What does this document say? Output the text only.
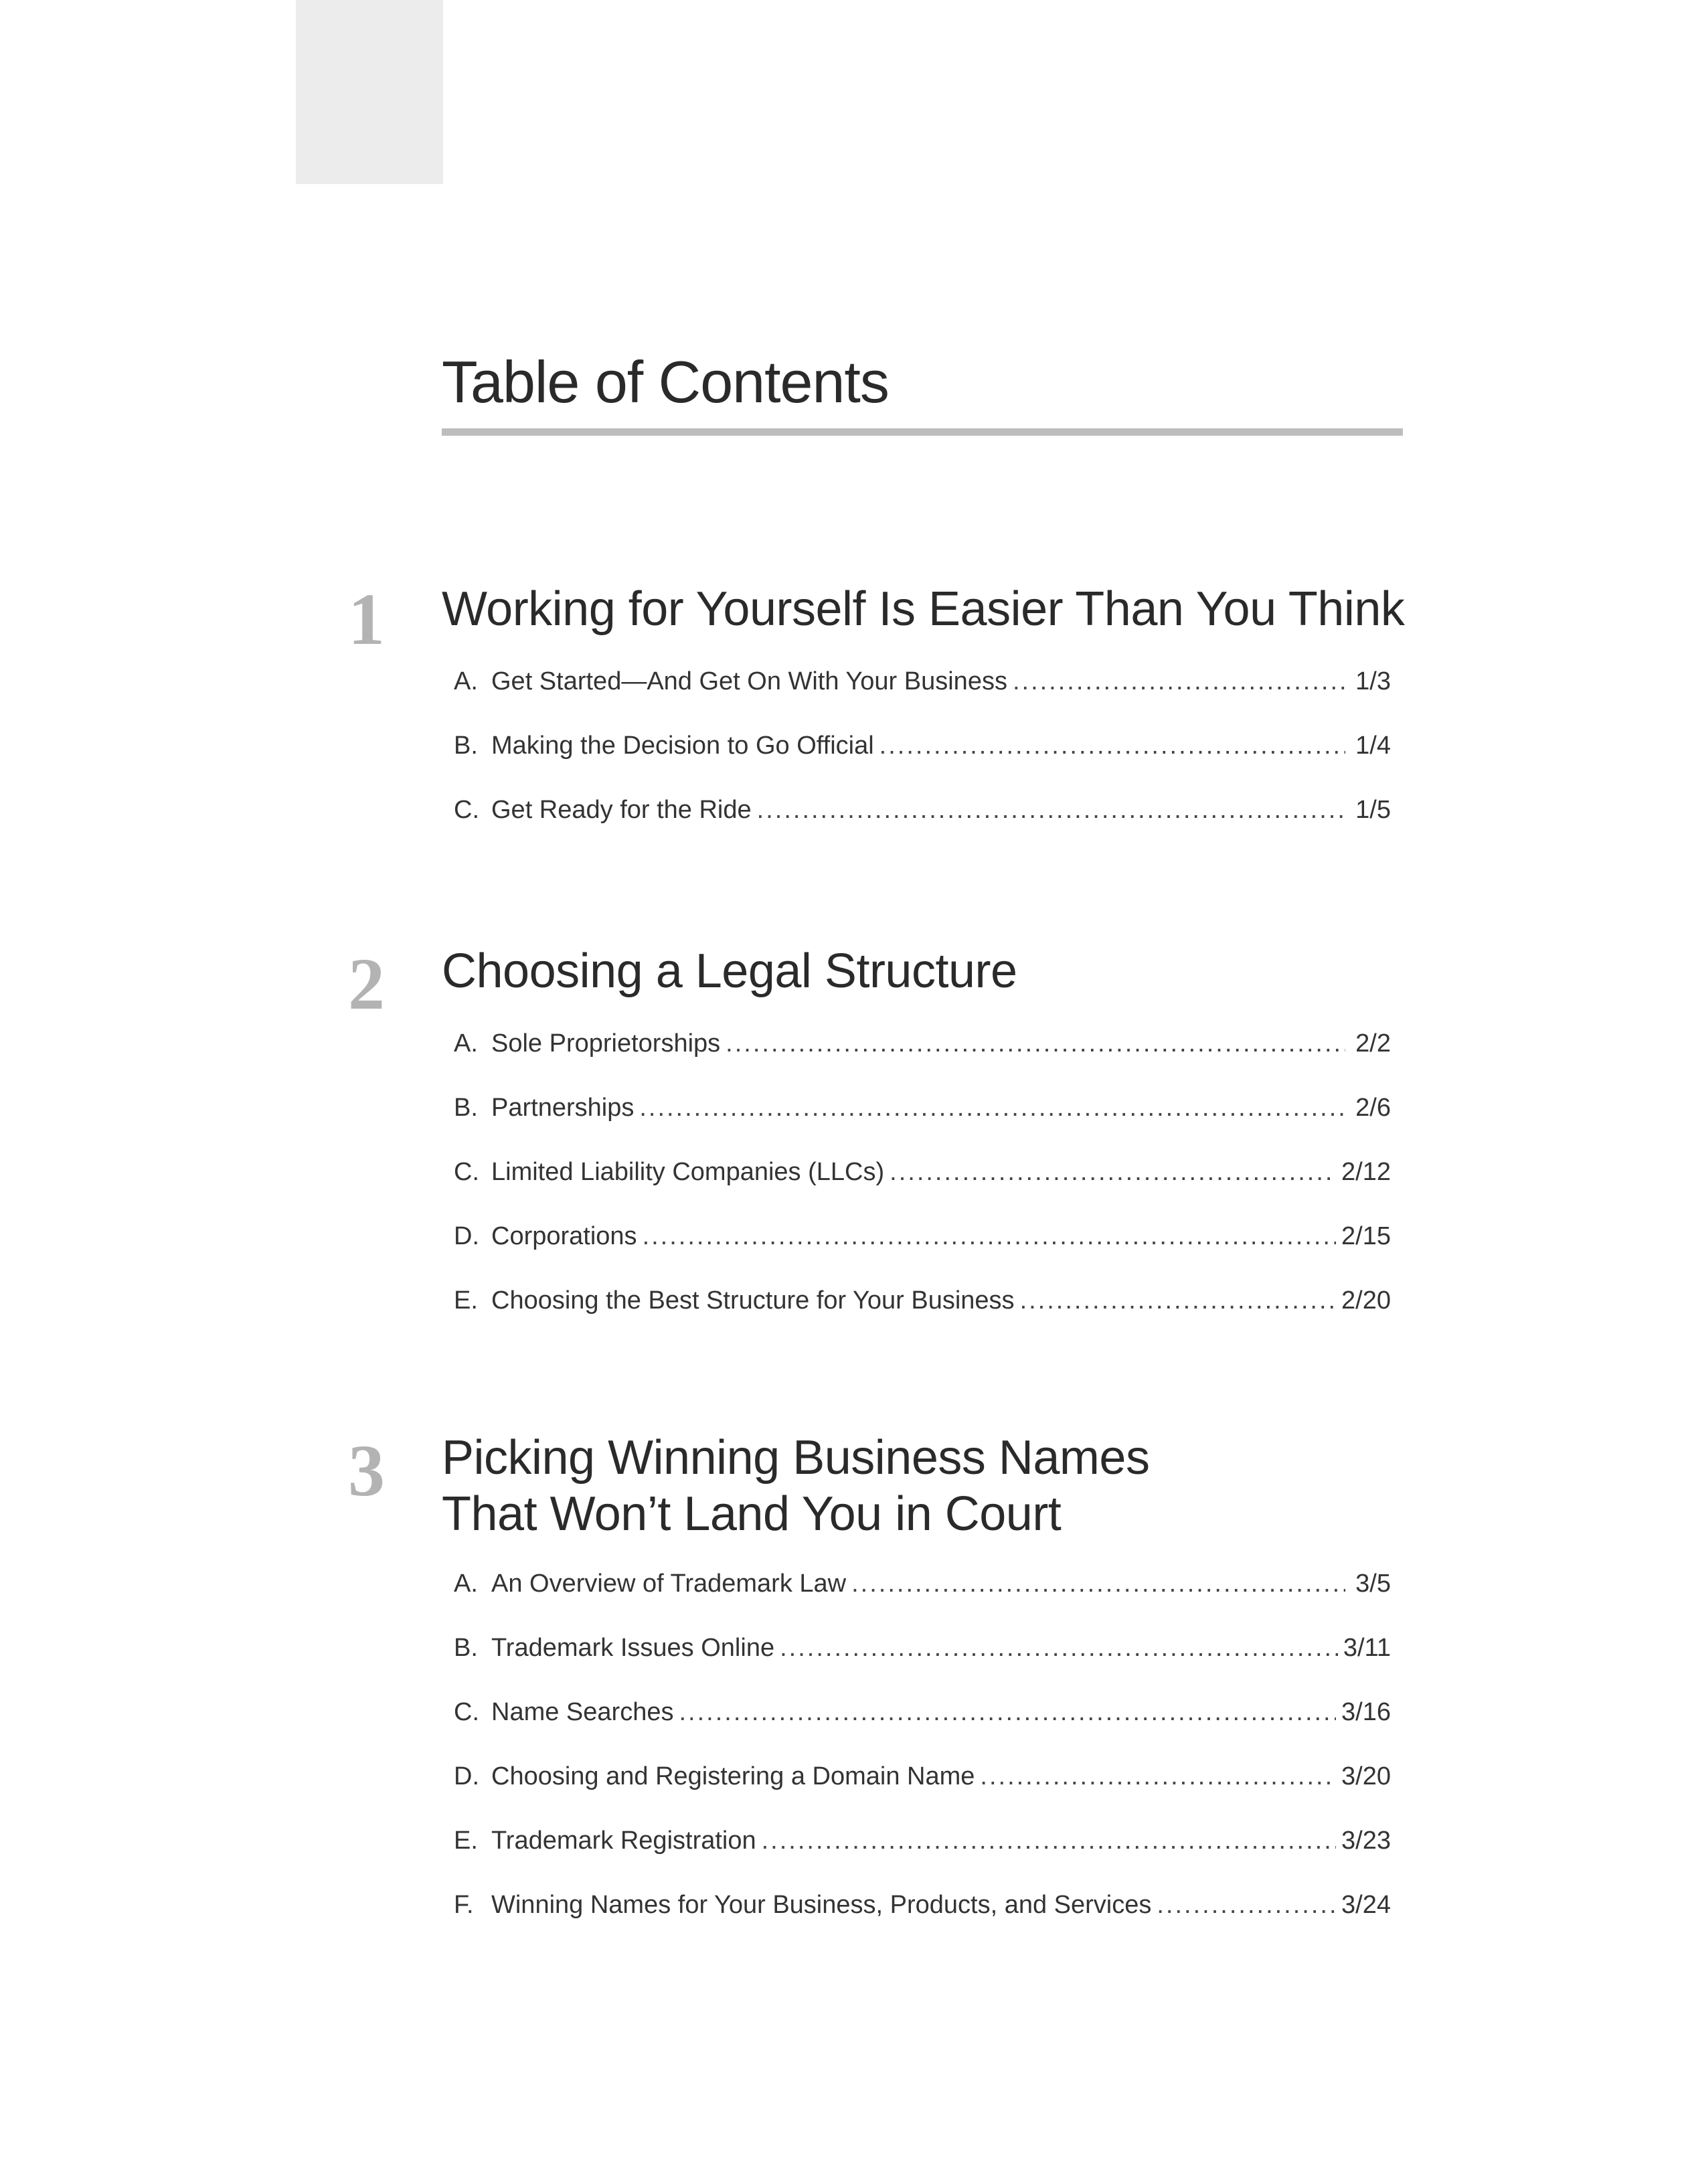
Table of Contents
1	Working for Yourself Is Easier Than You Think
A. Get Started—And Get On With Your Business .....	1/3
B. Making the Decision to Go Official .....	1/4
C. Get Ready for the Ride .....	1/5
2	Choosing a Legal Structure
A. Sole Proprietorships .....	2/2
B. Partnerships .....	2/6
C. Limited Liability Companies (LLCs) .....	2/12
D. Corporations .....	2/15
E. Choosing the Best Structure for Your Business .....	2/20
3	Picking Winning Business Names
That Won’t Land You in Court
A. An Overview of Trademark Law .....	3/5
B. Trademark Issues Online .....	3/11
C. Name Searches .....	3/16
D. Choosing and Registering a Domain Name .....	3/20
E. Trademark Registration .....	3/23
F. Winning Names for Your Business, Products, and Services .....	3/24
